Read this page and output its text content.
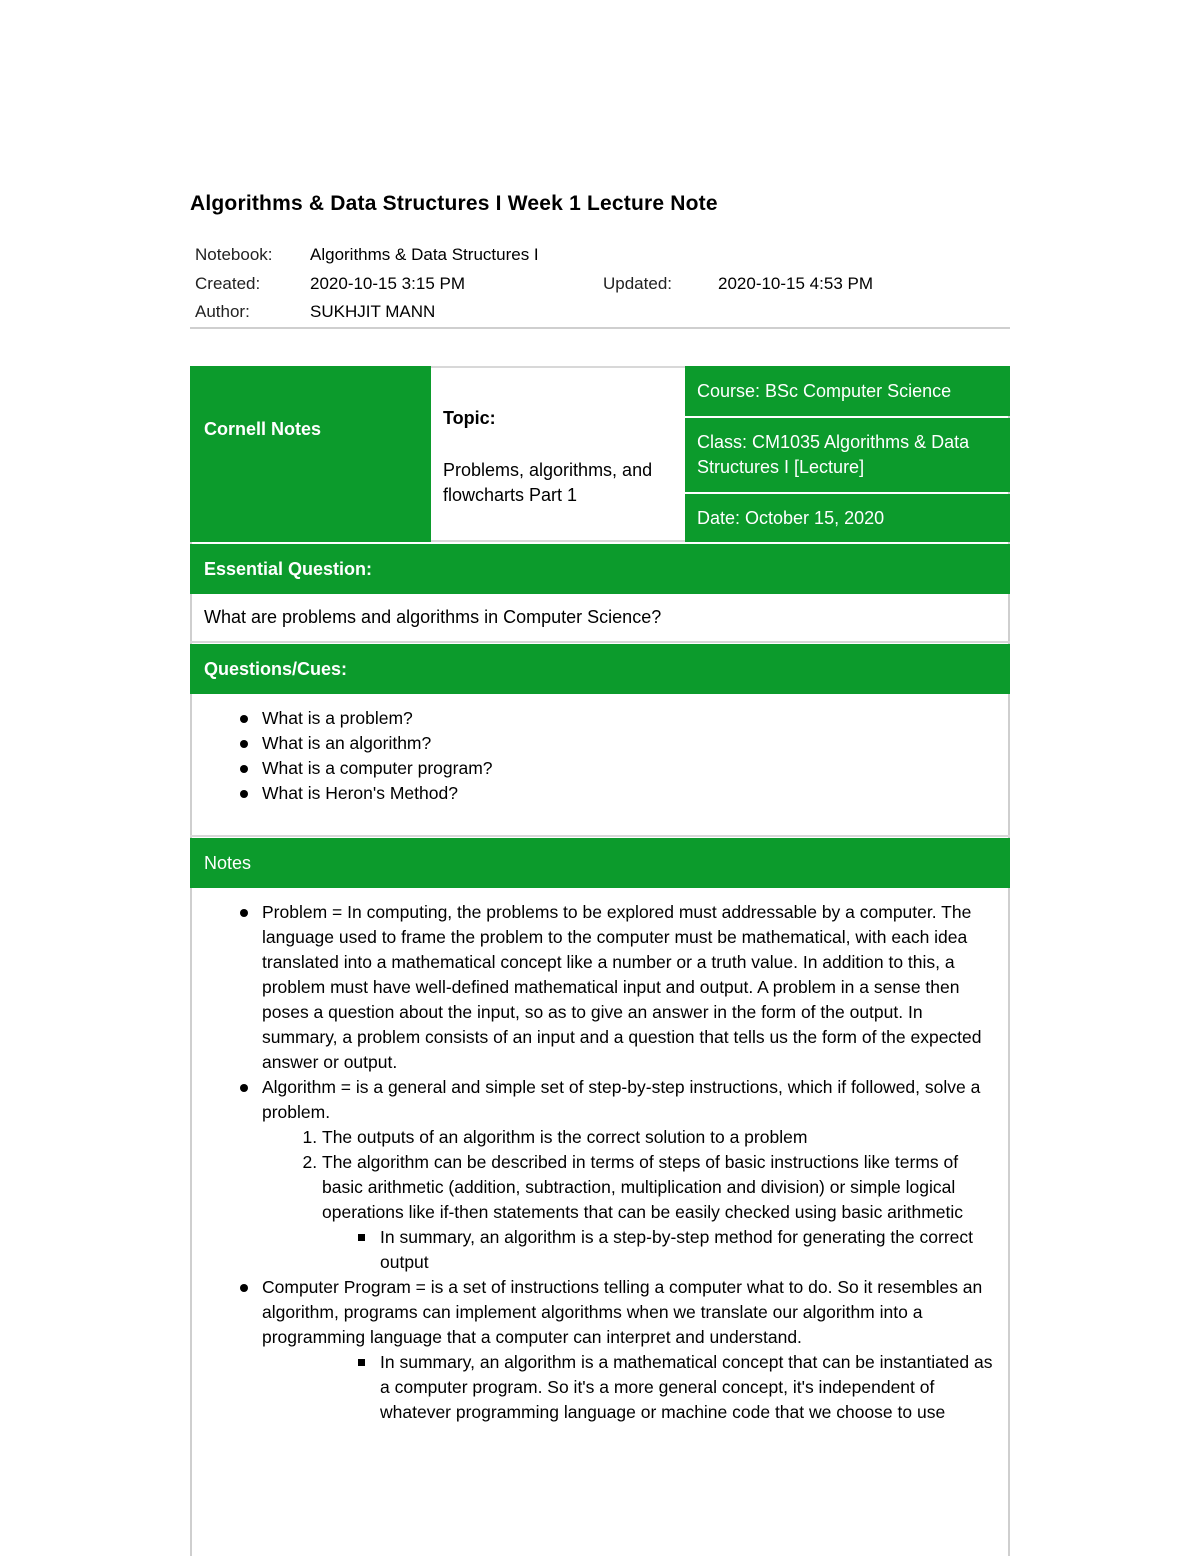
Algorithms & Data Structures I Week 1 Lecture Note
Notebook: Algorithms & Data Structures I
Created:	2020-10-15 3:15 PM	Updated:	2020-10-15 4:53 PM
Author:	SUKHJIT MANN
Cornell Notes
Topic:
Problems, algorithms, and flowcharts Part 1
Course: BSc Computer Science
Class: CM1035 Algorithms & Data Structures I [Lecture]
Date: October 15, 2020
Essential Question:
What are problems and algorithms in Computer Science?
Questions/Cues:
What is a problem?
What is an algorithm?
What is a computer program?
What is Heron's Method?
Notes
Problem = In computing, the problems to be explored must addressable by a computer. The language used to frame the problem to the computer must be mathematical, with each idea translated into a mathematical concept like a number or a truth value. In addition to this, a problem must have well-defined mathematical input and output. A problem in a sense then poses a question about the input, so as to give an answer in the form of the output. In summary, a problem consists of an input and a question that tells us the form of the expected answer or output.
Algorithm = is a general and simple set of step-by-step instructions, which if followed, solve a problem.
1. The outputs of an algorithm is the correct solution to a problem
2. The algorithm can be described in terms of steps of basic instructions like terms of basic arithmetic (addition, subtraction, multiplication and division) or simple logical operations like if-then statements that can be easily checked using basic arithmetic
In summary, an algorithm is a step-by-step method for generating the correct output
Computer Program = is a set of instructions telling a computer what to do. So it resembles an algorithm, programs can implement algorithms when we translate our algorithm into a programming language that a computer can interpret and understand.
In summary, an algorithm is a mathematical concept that can be instantiated as a computer program. So it's a more general concept, it's independent of whatever programming language or machine code that we choose to use
